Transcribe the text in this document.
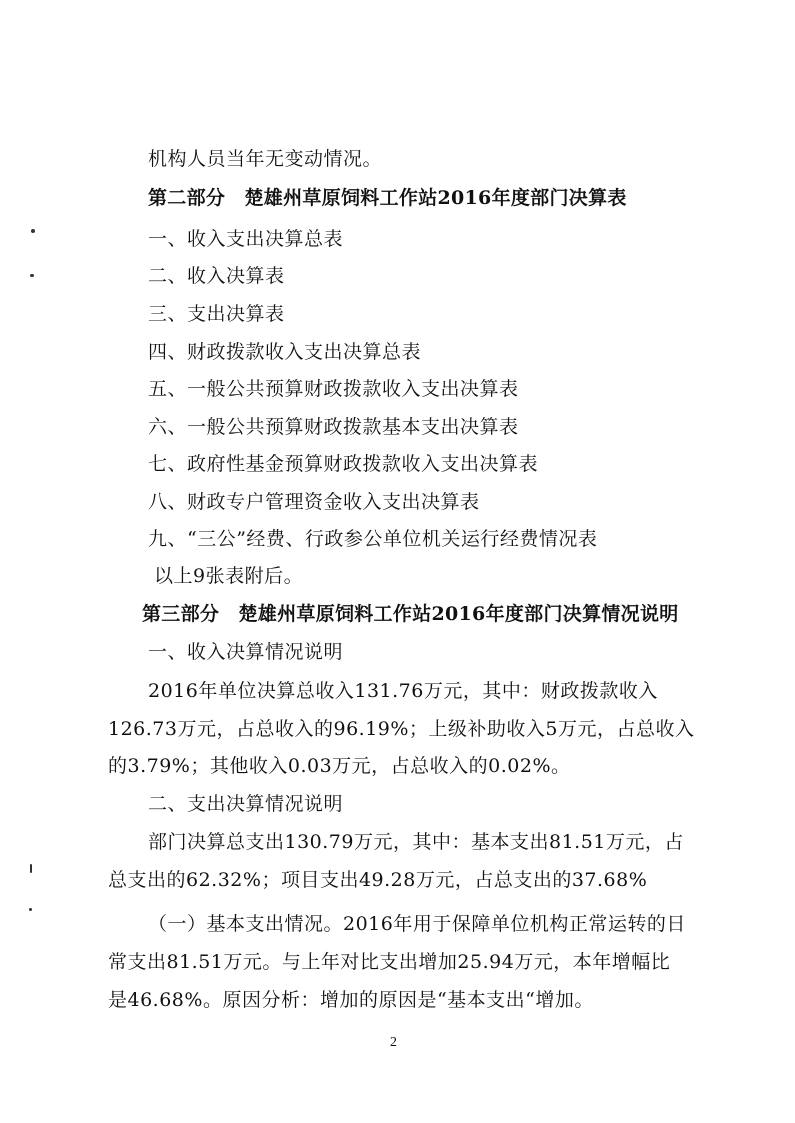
机构人员当年无变动情况。
第二部分　楚雄州草原饲料工作站2016年度部门决算表
一、收入支出决算总表
二、收入决算表
三、支出决算表
四、财政拨款收入支出决算总表
五、一般公共预算财政拨款收入支出决算表
六、一般公共预算财政拨款基本支出决算表
七、政府性基金预算财政拨款收入支出决算表
八、财政专户管理资金收入支出决算表
九、“三公”经费、行政参公单位机关运行经费情况表
以上9张表附后。
第三部分　楚雄州草原饲料工作站2016年度部门决算情况说明
一、收入决算情况说明
2016年单位决算总收入131.76万元，其中：财政拨款收入
126.73万元，占总收入的96.19%；上级补助收入5万元，占总收入
的3.79%；其他收入0.03万元，占总收入的0.02%。
二、支出决算情况说明
部门决算总支出130.79万元，其中：基本支出81.51万元，占
总支出的62.32%；项目支出49.28万元，占总支出的37.68%
（一）基本支出情况。2016年用于保障单位机构正常运转的日
常支出81.51万元。与上年对比支出增加25.94万元，本年增幅比
是46.68%。原因分析：增加的原因是“基本支出“增加。
2
